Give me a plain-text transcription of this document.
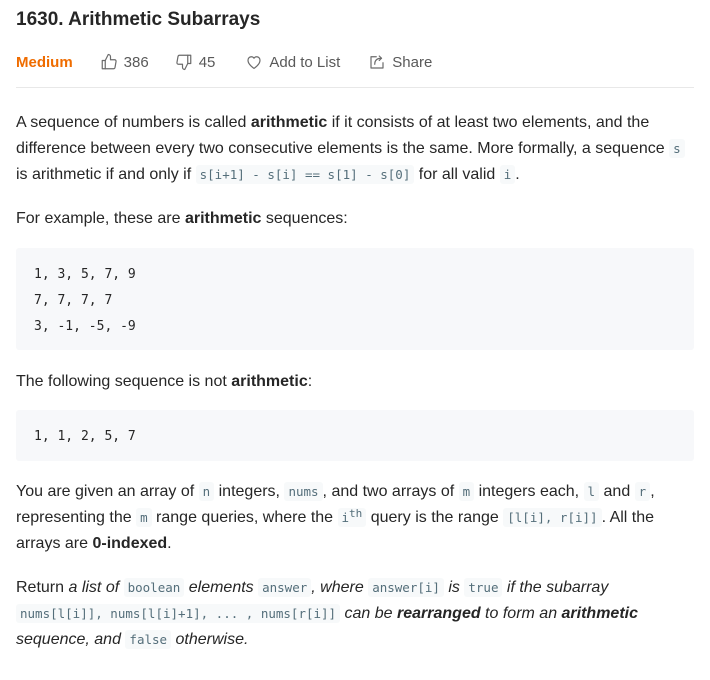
1630. Arithmetic Subarrays
Medium	386	45	Add to List	Share

A sequence of numbers is called arithmetic if it consists of at least two elements, and the difference between every two consecutive elements is the same. More formally, a sequence s is arithmetic if and only if s[i+1] - s[i] == s[1] - s[0] for all valid i .

For example, these are arithmetic sequences:

1, 3, 5, 7, 9
7, 7, 7, 7
3, -1, -5, -9

The following sequence is not arithmetic:

1, 1, 2, 5, 7

You are given an array of n integers, nums , and two arrays of m integers each, l and r , representing the m range queries, where the $i^{th}$ query is the range [l[i], r[i]] . All the arrays are 0-indexed.

Return a list of boolean elements answer , where answer[i] is true if the subarray nums[l[i]], nums[l[i]+1], ... , nums[r[i]] can be rearranged to form an arithmetic sequence, and false otherwise.
